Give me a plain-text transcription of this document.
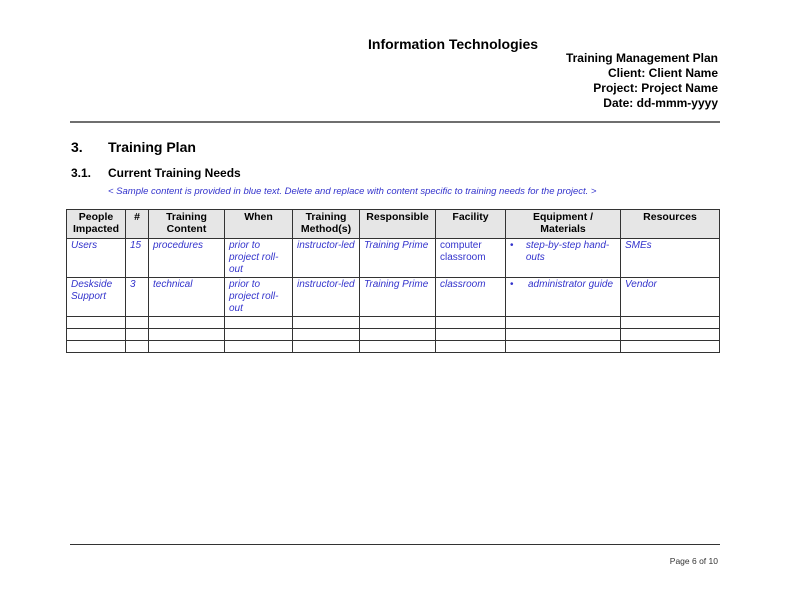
Information Technologies
Training Management Plan
Client: Client Name
Project: Project Name
Date: dd-mmm-yyyy
3. Training Plan
3.1. Current Training Needs
< Sample content is provided in blue text. Delete and replace with content specific to training needs for the project. >
People Impacted	#	Training Content	When	Training Method(s)	Responsible	Facility	Equipment / Materials	Resources
Users	15	procedures	prior to project roll-out	instructor-led	Training Prime	computer classroom	• step-by-step hand-outs	SMEs
Deskside Support	3	technical	prior to project roll-out	instructor-led	Training Prime	classroom	• administrator guide	Vendor

Page 6 of 10
